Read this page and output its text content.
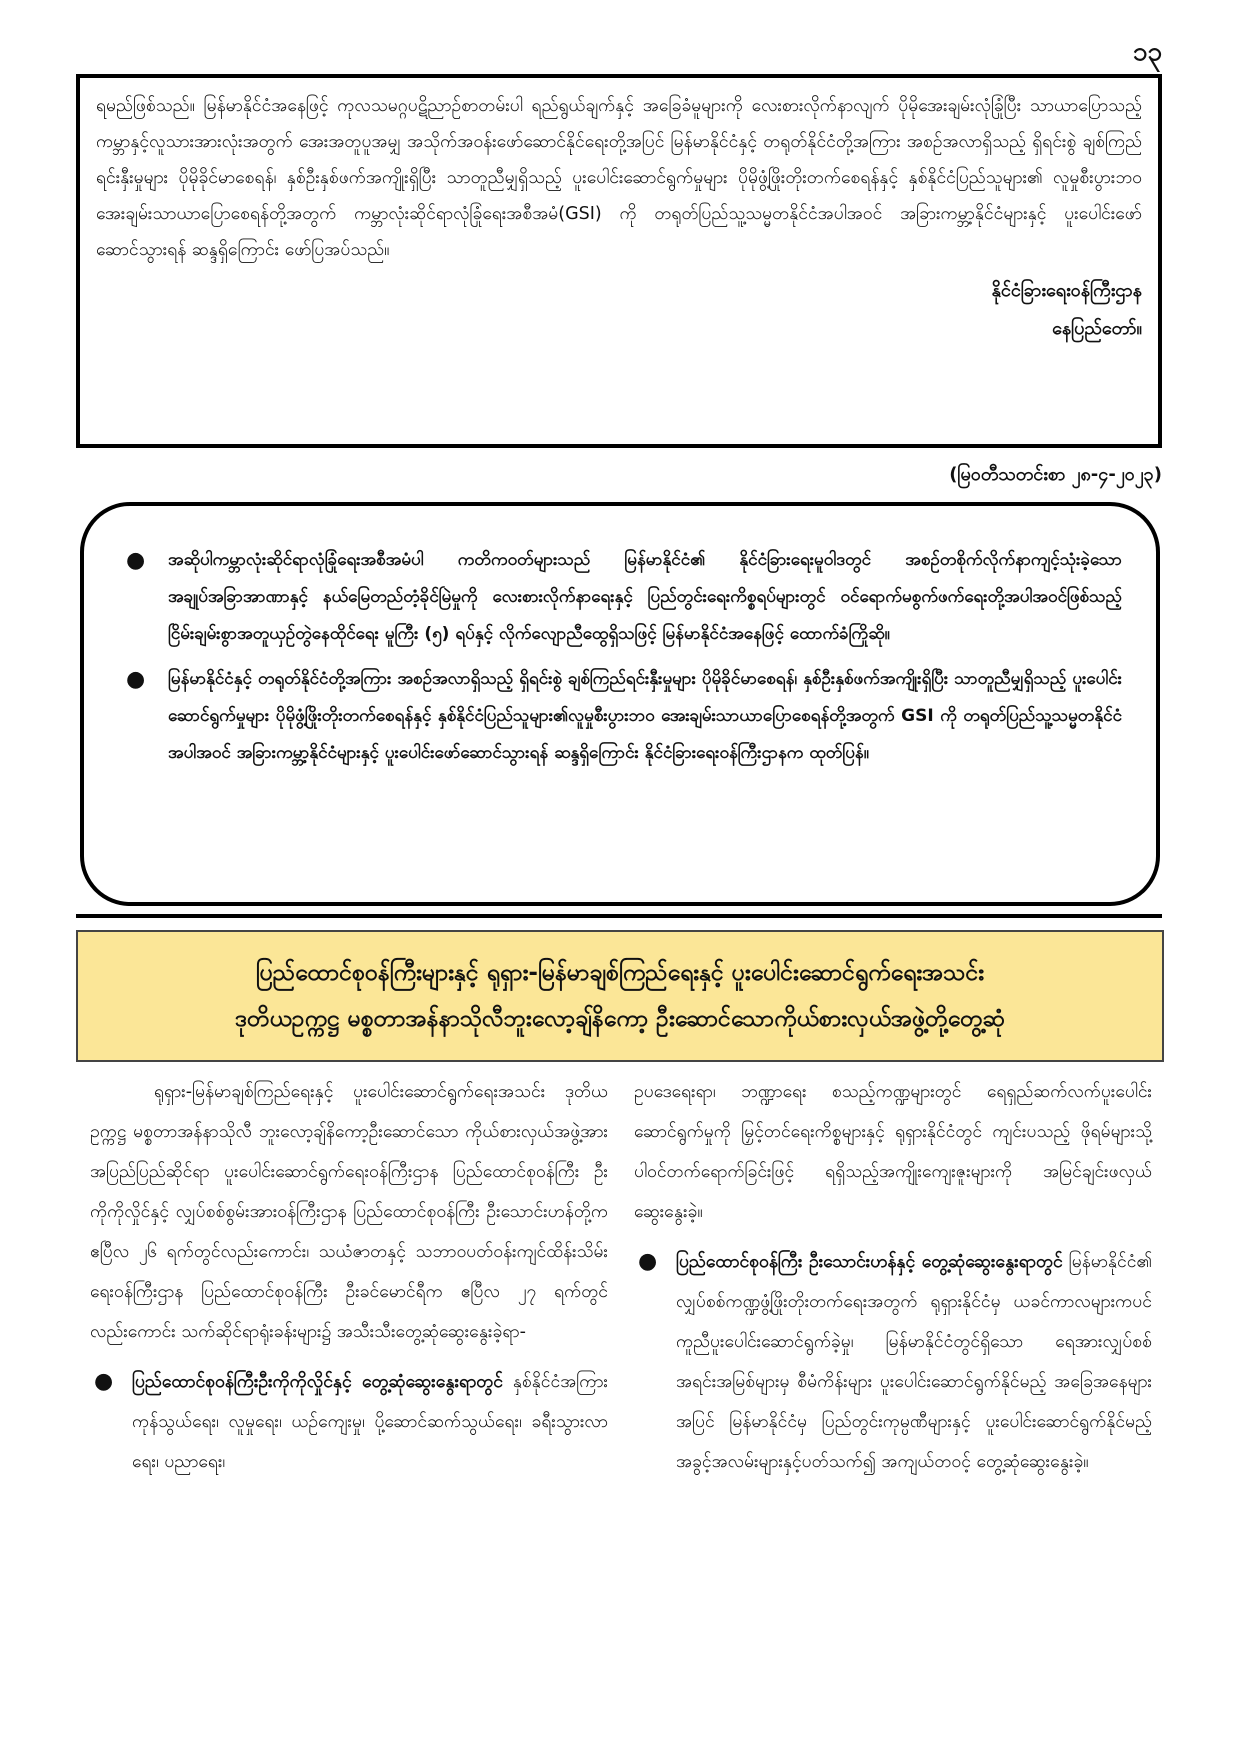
၁၃

ရမည်ဖြစ်သည်။ မြန်မာနိုင်ငံအနေဖြင့် ကုလသမဂ္ဂပဋိညာဉ်စာတမ်းပါ ရည်ရွယ်ချက်နှင့် အခြေခံမူများကို လေးစားလိုက်နာလျက် ပိုမိုအေးချမ်းလုံခြုံပြီး သာယာပြောသည့် ကမ္ဘာနှင့်လူသားအားလုံးအတွက် အေးအတူပူအမျှ အသိုက်အဝန်းဖော်ဆောင်နိုင်ရေးတို့အပြင် မြန်မာနိုင်ငံနှင့် တရုတ်နိုင်ငံတို့အကြား အစဉ်အလာရှိသည့် ရှိရင်းစွဲ ချစ်ကြည်ရင်းနှီးမှုများ ပိုမိုခိုင်မာစေရန်၊ နှစ်ဦးနှစ်ဖက်အကျိုးရှိပြီး သာတူညီမျှရှိသည့် ပူးပေါင်းဆောင်ရွက်မှုများ ပိုမိုဖွံ့ဖြိုးတိုးတက်စေရန်နှင့် နှစ်နိုင်ငံပြည်သူများ၏ လူမှုစီးပွားဘဝ အေးချမ်းသာယာပြောစေရန်တို့အတွက် ကမ္ဘာလုံးဆိုင်ရာလုံခြုံရေးအစီအမံ(GSI) ကို တရုတ်ပြည်သူ့သမ္မတနိုင်ငံအပါအဝင် အခြားကမ္ဘာ့နိုင်ငံများနှင့် ပူးပေါင်းဖော်ဆောင်သွားရန် ဆန္ဒရှိကြောင်း ဖော်ပြအပ်သည်။

နိုင်ငံခြားရေးဝန်ကြီးဌာန
နေပြည်တော်။
(မြဝတီသတင်းစာ ၂၈-၄-၂၀၂၃)
● အဆိုပါကမ္ဘာလုံးဆိုင်ရာလုံခြုံရေးအစီအမံပါ ကတိကဝတ်များသည် မြန်မာနိုင်ငံ၏ နိုင်ငံခြားရေးမူဝါဒတွင် အစဉ်တစိုက်လိုက်နာကျင့်သုံးခဲ့သော အချုပ်အခြာအာဏာနှင့် နယ်မြေတည်တံ့ခိုင်မြဲမှုကို လေးစားလိုက်နာရေးနှင့် ပြည်တွင်းရေးကိစ္စရပ်များတွင် ဝင်ရောက်မစွက်ဖက်ရေးတို့အပါအဝင်ဖြစ်သည့် ငြိမ်းချမ်းစွာအတူယှဉ်တွဲနေထိုင်ရေး မူကြီး (၅) ရပ်နှင့် လိုက်လျောညီထွေရှိသဖြင့် မြန်မာနိုင်ငံအနေဖြင့် ထောက်ခံကြိုဆို။
● မြန်မာနိုင်ငံနှင့် တရုတ်နိုင်ငံတို့အကြား အစဉ်အလာရှိသည့် ရှိရင်းစွဲ ချစ်ကြည်ရင်းနှီးမှုများ ပိုမိုခိုင်မာစေရန်၊ နှစ်ဦးနှစ်ဖက်အကျိုးရှိပြီး သာတူညီမျှရှိသည့် ပူးပေါင်းဆောင်ရွက်မှုများ ပိုမိုဖွံ့ဖြိုးတိုးတက်စေရန်နှင့် နှစ်နိုင်ငံပြည်သူများ၏လူမှုစီးပွားဘဝ အေးချမ်းသာယာပြောစေရန်တို့အတွက် GSI ကို တရုတ်ပြည်သူ့သမ္မတနိုင်ငံအပါအဝင် အခြားကမ္ဘာ့နိုင်ငံများနှင့် ပူးပေါင်းဖော်ဆောင်သွားရန် ဆန္ဒရှိကြောင်း နိုင်ငံခြားရေးဝန်ကြီးဌာနက ထုတ်ပြန်။

ပြည်ထောင်စုဝန်ကြီးများနှင့် ရုရှား-မြန်မာချစ်ကြည်ရေးနှင့် ပူးပေါင်းဆောင်ရွက်ရေးအသင်း
ဒုတိယဥက္ကဋ္ဌ မစ္စတာအန်နာသိုလီဘူးလော့ချ်နိကော့ ဦးဆောင်သောကိုယ်စားလှယ်အဖွဲ့တို့တွေ့ဆုံ

ရုရှား-မြန်မာချစ်ကြည်ရေးနှင့် ပူးပေါင်းဆောင်ရွက်ရေးအသင်း ဒုတိယဥက္ကဋ္ဌ မစ္စတာအန်နာသိုလီ ဘူးလော့ချ်နိကော့ဦးဆောင်သော ကိုယ်စားလှယ်အဖွဲ့အား အပြည်ပြည်ဆိုင်ရာ ပူးပေါင်းဆောင်ရွက်ရေးဝန်ကြီးဌာန ပြည်ထောင်စုဝန်ကြီး ဦးကိုကိုလှိုင်နှင့် လျှပ်စစ်စွမ်းအားဝန်ကြီးဌာန ပြည်ထောင်စုဝန်ကြီး ဦးသောင်းဟန်တို့က ဧပြီလ ၂၆ ရက်တွင်လည်းကောင်း၊ သယံဇာတနှင့် သဘာဝပတ်ဝန်းကျင်ထိန်းသိမ်းရေးဝန်ကြီးဌာန ပြည်ထောင်စုဝန်ကြီး ဦးခင်မောင်ရီက ဧပြီလ ၂၇ ရက်တွင် လည်းကောင်း သက်ဆိုင်ရာရုံးခန်းများ၌ အသီးသီးတွေ့ဆုံဆွေးနွေးခဲ့ရာ-

● ပြည်ထောင်စုဝန်ကြီးဦးကိုကိုလှိုင်နှင့် တွေ့ဆုံဆွေးနွေးရာတွင် နှစ်နိုင်ငံအကြား ကုန်သွယ်ရေး၊ လူမှုရေး၊ ယဉ်ကျေးမှု၊ ပို့ဆောင်ဆက်သွယ်ရေး၊ ခရီးသွားလာရေး၊ ပညာရေး၊

ဥပဒေရေးရာ၊ ဘဏ္ဍာရေး စသည့်ကဏ္ဍများတွင် ရေရှည်ဆက်လက်ပူးပေါင်းဆောင်ရွက်မှုကို မြှင့်တင်ရေးကိစ္စများနှင့် ရုရှားနိုင်ငံတွင် ကျင်းပသည့် ဖိုရမ်များသို့ ပါဝင်တက်ရောက်ခြင်းဖြင့် ရရှိသည့်အကျိုးကျေးဇူးများကို အမြင်ချင်းဖလှယ်ဆွေးနွေးခဲ့။

● ပြည်ထောင်စုဝန်ကြီး ဦးသောင်းဟန်နှင့် တွေ့ဆုံဆွေးနွေးရာတွင် မြန်မာနိုင်ငံ၏ လျှပ်စစ်ကဏ္ဍဖွံ့ဖြိုးတိုးတက်ရေးအတွက် ရုရှားနိုင်ငံမှ ယခင်ကာလများကပင် ကူညီပူးပေါင်းဆောင်ရွက်ခဲ့မှု၊ မြန်မာနိုင်ငံတွင်ရှိသော ရေအားလျှပ်စစ်အရင်းအမြစ်များမှ စီမံကိန်းများ ပူးပေါင်းဆောင်ရွက်နိုင်မည့် အခြေအနေများအပြင် မြန်မာနိုင်ငံမှ ပြည်တွင်းကုမ္ပဏီများနှင့် ပူးပေါင်းဆောင်ရွက်နိုင်မည့် အခွင့်အလမ်းများနှင့်ပတ်သက်၍ အကျယ်တဝင့် တွေ့ဆုံဆွေးနွေးခဲ့။
